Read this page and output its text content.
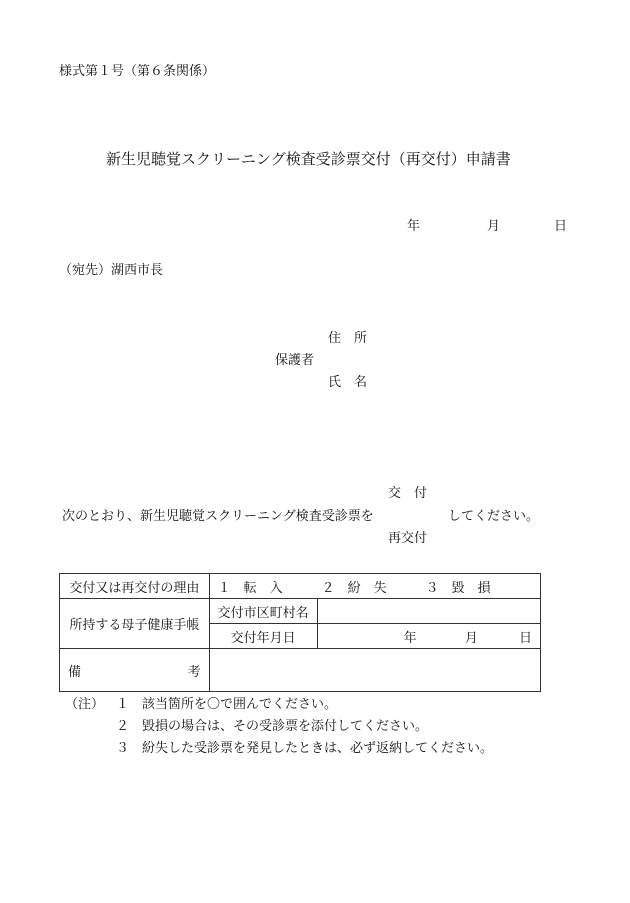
様式第１号（第６条関係）
新生児聴覚スクリーニング検査受診票交付（再交付）申請書
年	月	日
（宛先）湖西市長
住　所
保護者
氏　名
交　付
次のとおり、新生児聴覚スクリーニング検査受診票を	してください。
再交付
交付又は再交付の理由	１　転　入　　　２　紛　失　　　３　毀　損	
所持する母子健康手帳	交付市区町村名	
	交付年月日	年 月 日
備 考		

（注） １　該当箇所を〇で囲んでください。
２　毀損の場合は、その受診票を添付してください。
３　紛失した受診票を発見したときは、必ず返納してください。
